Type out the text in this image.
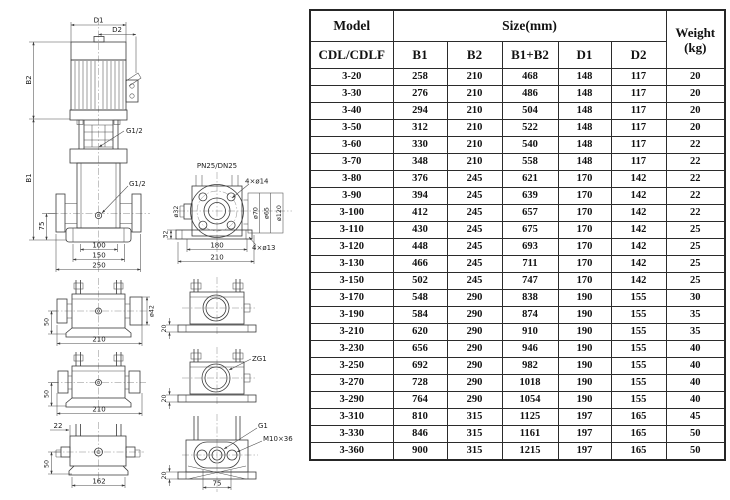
D1
D2
B2
B1
75
G1/2
G1/2
100
150
250
PN25/DN25
ø32	ø70 ø65 ø120
4×ø14
32
180
210
4×ø13
50
ø42
210
50
210
22
50
162
20
ZG1
20
G1
M10×36
20
75
Model	Size(mm)					Weight
(kg)

CDL/CDLF	B1	B2	B1+B2	D1	D2	
3-20	258	210	468	148	117	20
3-30	276	210	486	148	117	20
3-40	294	210	504	148	117	20
3-50	312	210	522	148	117	20
3-60	330	210	540	148	117	22
3-70	348	210	558	148	117	22
3-80	376	245	621	170	142	22
3-90	394	245	639	170	142	22
3-100	412	245	657	170	142	22
3-110	430	245	675	170	142	25
3-120	448	245	693	170	142	25
3-130	466	245	711	170	142	25
3-150	502	245	747	170	142	25
3-170	548	290	838	190	155	30
3-190	584	290	874	190	155	35
3-210	620	290	910	190	155	35
3-230	656	290	946	190	155	40
3-250	692	290	982	190	155	40
3-270	728	290	1018	190	155	40
3-290	764	290	1054	190	155	40
3-310	810	315	1125	197	165	45
3-330	846	315	1161	197	165	50
3-360	900	315	1215	197	165	50
